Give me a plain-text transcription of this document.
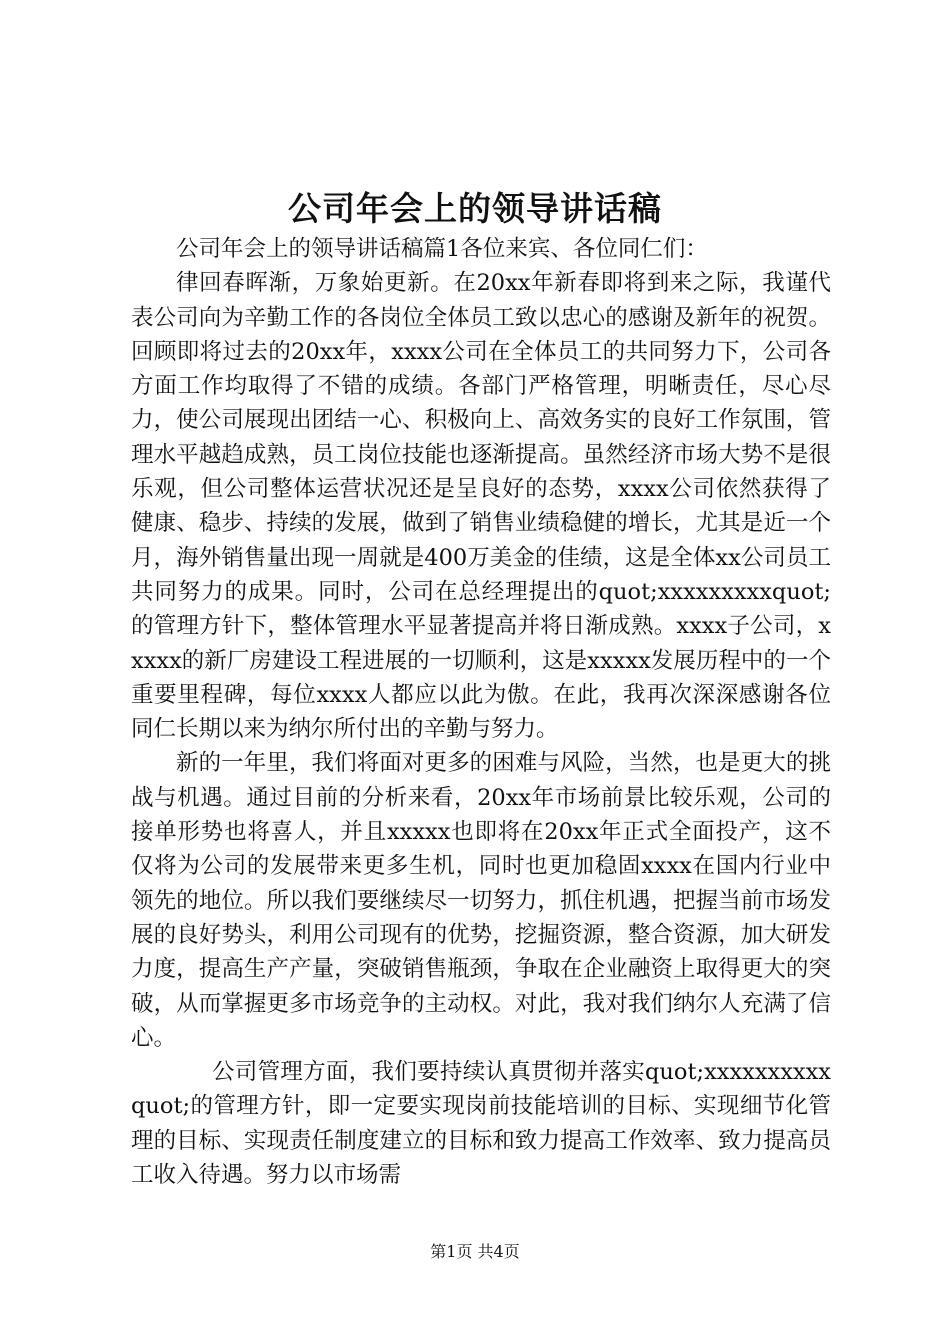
公司年会上的领导讲话稿

公司年会上的领导讲话稿篇1各位来宾、各位同仁们：

律回春晖渐，万象始更新。在20xx年新春即将到来之际，我谨代表公司向为辛勤工作的各岗位全体员工致以忠心的感谢及新年的祝贺。回顾即将过去的20xx年，xxxx公司在全体员工的共同努力下，公司各方面工作均取得了不错的成绩。各部门严格管理，明晰责任，尽心尽力，使公司展现出团结一心、积极向上、高效务实的良好工作氛围，管理水平越趋成熟，员工岗位技能也逐渐提高。虽然经济市场大势不是很乐观，但公司整体运营状况还是呈良好的态势，xxxx公司依然获得了健康、稳步、持续的发展，做到了销售业绩稳健的增长，尤其是近一个月，海外销售量出现一周就是400万美金的佳绩，这是全体xx公司员工共同努力的成果。同时，公司在总经理提出的quot;xxxxxxxxxquot;的管理方针下，整体管理水平显著提高并将日渐成熟。xxxx子公司，xxxxx的新厂房建设工程进展的一切顺利，这是xxxxx发展历程中的一个重要里程碑，每位xxxx人都应以此为傲。在此，我再次深深感谢各位同仁长期以来为纳尔所付出的辛勤与努力。

新的一年里，我们将面对更多的困难与风险，当然，也是更大的挑战与机遇。通过目前的分析来看，20xx年市场前景比较乐观，公司的接单形势也将喜人，并且xxxxx也即将在20xx年正式全面投产，这不仅将为公司的发展带来更多生机，同时也更加稳固xxxx在国内行业中领先的地位。所以我们要继续尽一切努力，抓住机遇，把握当前市场发展的良好势头，利用公司现有的优势，挖掘资源，整合资源，加大研发力度，提高生产产量，突破销售瓶颈，争取在企业融资上取得更大的突破，从而掌握更多市场竞争的主动权。对此，我对我们纳尔人充满了信心。

公司管理方面，我们要持续认真贯彻并落实quot;xxxxxxxxxxquot;的管理方针，即一定要实现岗前技能培训的目标、实现细节化管理的目标、实现责任制度建立的目标和致力提高工作效率、致力提高员工收入待遇。努力以市场需

第1页 共4页
